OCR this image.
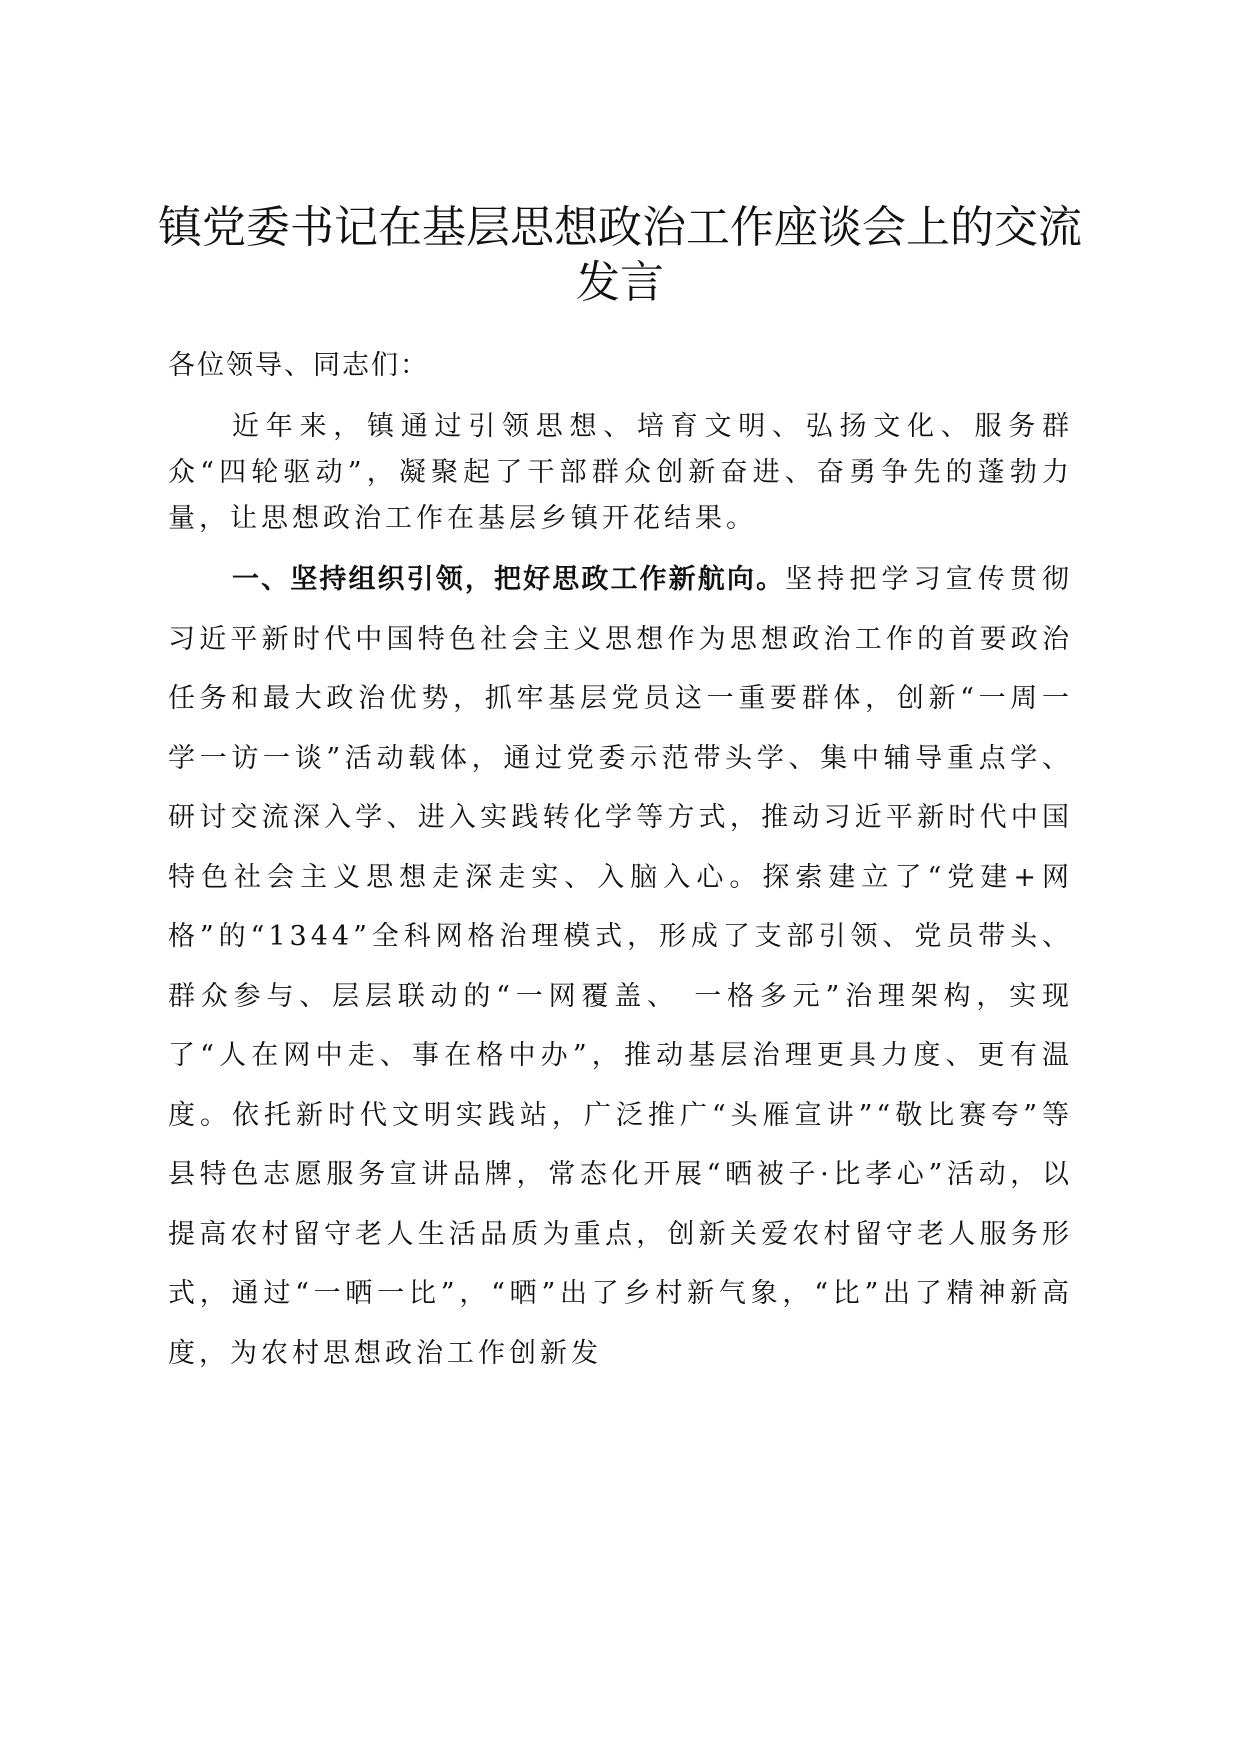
镇党委书记在基层思想政治工作座谈会上的交流发言

各位领导、同志们：

近年来，镇通过引领思想、培育文明、弘扬文化、服务群众“四轮驱动”，凝聚起了干部群众创新奋进、奋勇争先的蓬勃力量，让思想政治工作在基层乡镇开花结果。

一、坚持组织引领，把好思政工作新航向。坚持把学习宣传贯彻习近平新时代中国特色社会主义思想作为思想政治工作的首要政治任务和最大政治优势，抓牢基层党员这一重要群体，创新“一周一学一访一谈”活动载体，通过党委示范带头学、集中辅导重点学、研讨交流深入学、进入实践转化学等方式，推动习近平新时代中国特色社会主义思想走深走实、入脑入心。探索建立了“党建+网格”的“1344”全科网格治理模式，形成了支部引领、党员带头、群众参与、层层联动的“一网覆盖、 一格多元”治理架构，实现了“人在网中走、事在格中办”，推动基层治理更具力度、更有温度。依托新时代文明实践站，广泛推广“头雁宣讲”“敬比赛夸”等县特色志愿服务宣讲品牌，常态化开展“晒被子·比孝心”活动，以提高农村留守老人生活品质为重点，创新关爱农村留守老人服务形式，通过“一晒一比”，“晒”出了乡村新气象，“比”出了精神新高度，为农村思想政治工作创新发
